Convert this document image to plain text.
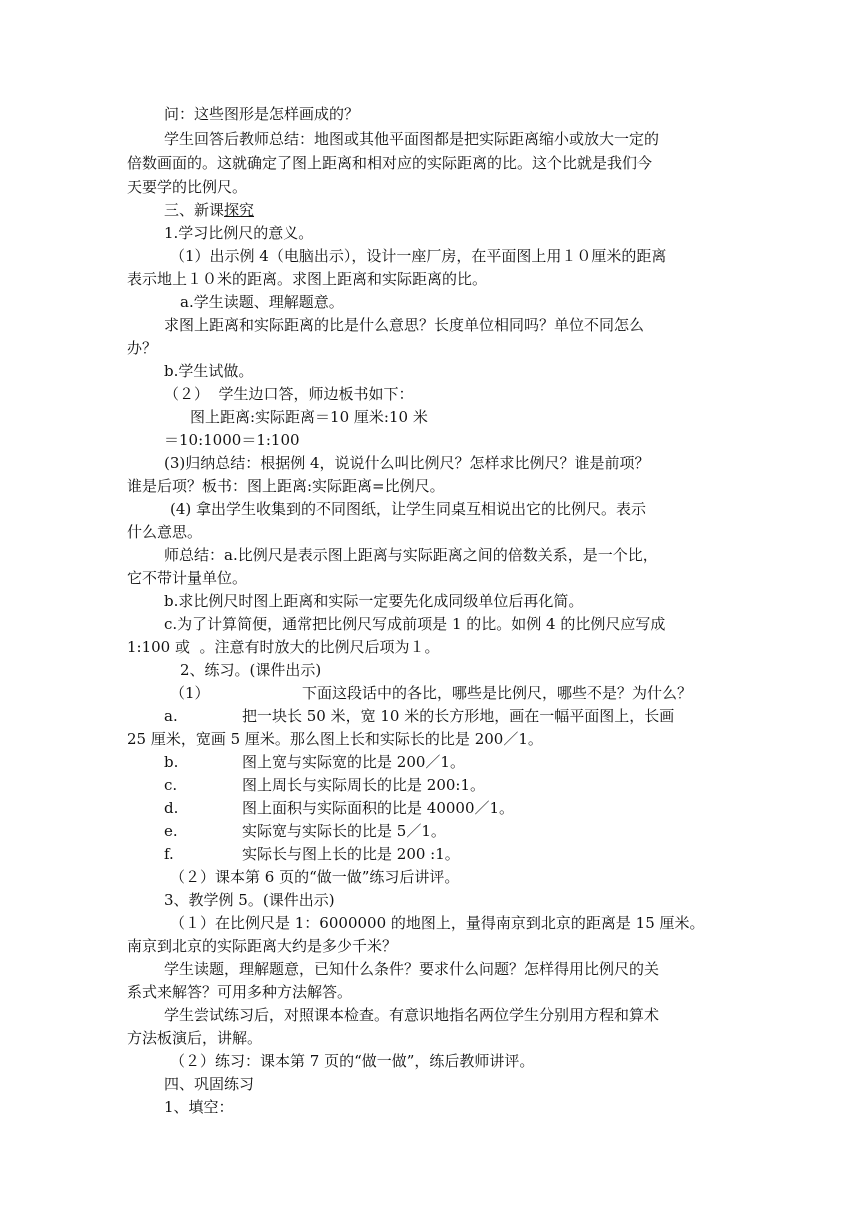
问：这些图形是怎样画成的？
学生回答后教师总结：地图或其他平面图都是把实际距离缩小或放大一定的
倍数画面的。这就确定了图上距离和相对应的实际距离的比。这个比就是我们今
天要学的比例尺。
三、新课探究
1.学习比例尺的意义。
（1）出示例 4（电脑出示），设计一座厂房，在平面图上用１０厘米的距离
表示地上１０米的距离。求图上距离和实际距离的比。
a.学生读题、理解题意。
求图上距离和实际距离的比是什么意思？长度单位相同吗？单位不同怎么
办？
b.学生试做。
（２）  学生边口答，师边板书如下：
图上距离:实际距离＝10 厘米:10 米
＝10:1000＝1:100
(3)归纳总结：根据例 4，说说什么叫比例尺？怎样求比例尺？谁是前项？
谁是后项？板书：图上距离:实际距离=比例尺。
(4) 拿出学生收集到的不同图纸，让学生同桌互相说出它的比例尺。表示
什么意思。
师总结：a.比例尺是表示图上距离与实际距离之间的倍数关系，是一个比，
它不带计量单位。
b.求比例尺时图上距离和实际一定要先化成同级单位后再化简。
c.为了计算简便，通常把比例尺写成前项是 1 的比。如例 4 的比例尺应写成
1:100 或  。注意有时放大的比例尺后项为１。
2、练习。(课件出示)
（1）	下面这段话中的各比，哪些是比例尺，哪些不是？为什么？
a.	把一块长 50 米，宽 10 米的长方形地，画在一幅平面图上，长画
25 厘米，宽画 5 厘米。那么图上长和实际长的比是 200／1。
b.	图上宽与实际宽的比是 200／1。
c.	图上周长与实际周长的比是 200:1。
d.	图上面积与实际面积的比是 40000／1。
e.	实际宽与实际长的比是 5／1。
f.	实际长与图上长的比是 200 :1。
（２）课本第 6 页的“做一做”练习后讲评。
3、教学例 5。(课件出示)
（１）在比例尺是 1：6000000 的地图上，量得南京到北京的距离是 15 厘米。
南京到北京的实际距离大约是多少千米？
学生读题，理解题意，已知什么条件？要求什么问题？怎样得用比例尺的关
系式来解答？可用多种方法解答。
学生尝试练习后，对照课本检查。有意识地指名两位学生分别用方程和算术
方法板演后，讲解。
（２）练习：课本第 7 页的“做一做”，练后教师讲评。
四、巩固练习
1、填空：
